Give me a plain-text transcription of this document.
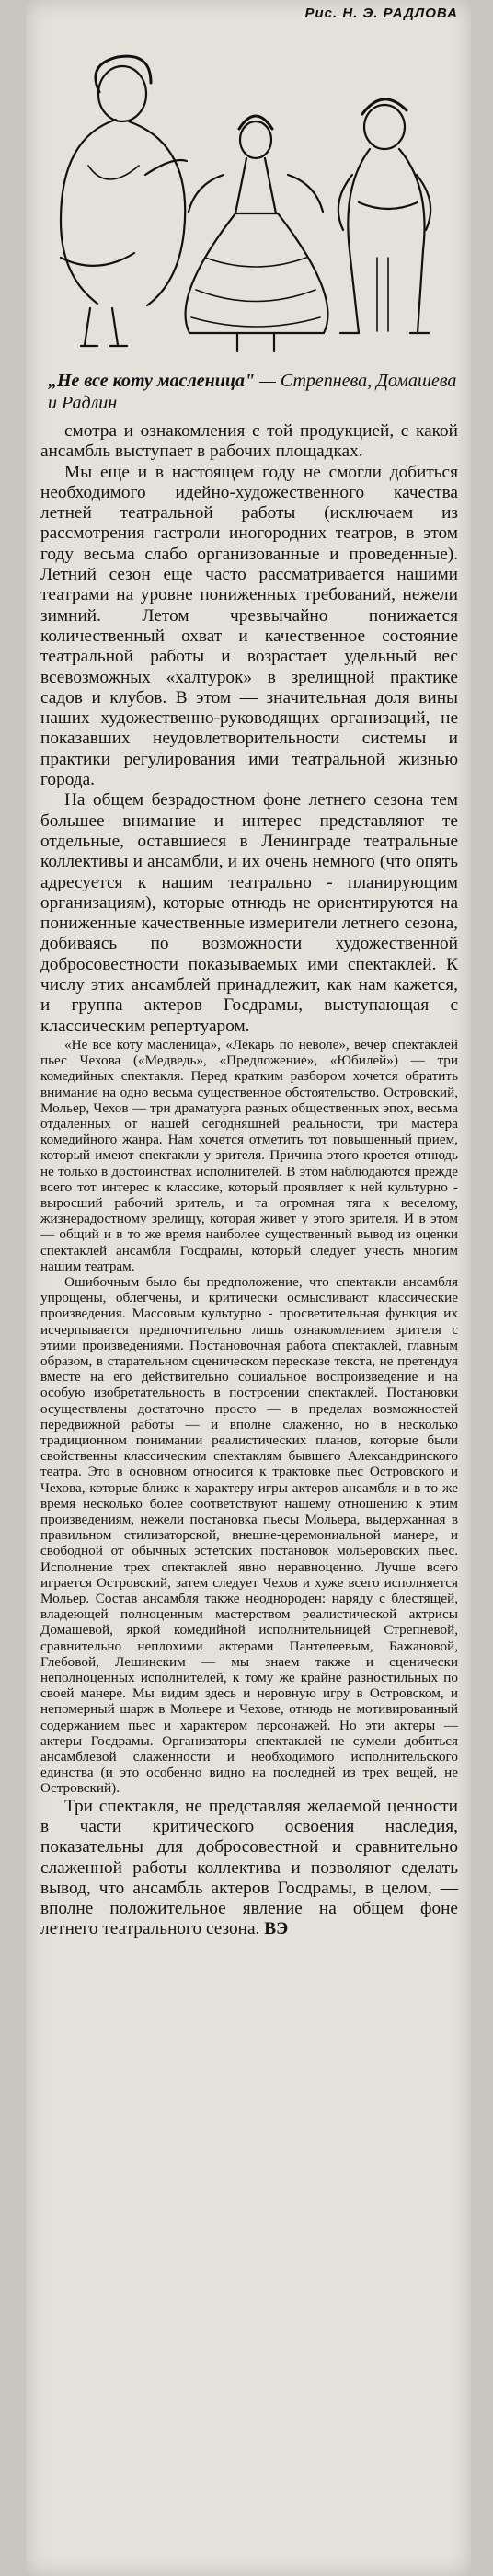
Рис. Н. Э. РАДЛОВА
„Не все коту масленица" — Стрепнева, Домашева и Радлин

смотра и ознакомления с той продукцией, с какой ансамбль выступает в рабочих площадках.

Мы еще и в настоящем году не смогли добиться необходимого идейно-художественного качества летней театральной работы (исключаем из рассмотрения гастроли иногородних театров, в этом году весьма слабо организованные и проведенные). Летний сезон еще часто рассматривается нашими театрами на уровне пониженных требований, нежели зимний. Летом чрезвычайно понижается количественный охват и качественное состояние театральной работы и возрастает удельный вес всевозможных «халтурок» в зрелищной практике садов и клубов. В этом — значительная доля вины наших художественно-руководящих организаций, не показавших неудовлетворительности системы и практики регулирования ими театральной жизнью города.

На общем безрадостном фоне летнего сезона тем большее внимание и интерес представляют те отдельные, оставшиеся в Ленинграде театральные коллективы и ансамбли, и их очень немного (что опять адресуется к нашим театрально - планирующим организациям), которые отнюдь не ориентируются на пониженные качественные измерители летнего сезона, добиваясь по возможности художественной добросовестности показываемых ими спектаклей. К числу этих ансамблей принадлежит, как нам кажется, и группа актеров Госдрамы, выступающая с классическим репертуаром.

«Не все коту масленица», «Лекарь по неволе», вечер спектаклей пьес Чехова («Медведь», «Предложение», «Юбилей») — три комедийных спектакля. Перед кратким разбором хочется обратить внимание на одно весьма существенное обстоятельство. Островский, Мольер, Чехов — три драматурга разных общественных эпох, весьма отдаленных от нашей сегодняшней реальности, три мастера комедийного жанра. Нам хочется отметить тот повышенный прием, который имеют спектакли у зрителя. Причина этого кроется отнюдь не только в достоинствах исполнителей. В этом наблюдаются прежде всего тот интерес к классике, который проявляет к ней культурно - выросший рабочий зритель, и та огромная тяга к веселому, жизнерадостному зрелищу, которая живет у этого зрителя. И в этом — общий и в то же время наиболее существенный вывод из оценки спектаклей ансамбля Госдрамы, который следует учесть многим нашим театрам.

Ошибочным было бы предположение, что спектакли ансамбля упрощены, облегчены, и критически осмысливают классические произведения. Массовым культурно - просветительная функция их исчерпывается предпочтительно лишь ознакомлением зрителя с этими произведениями. Постановочная работа спектаклей, главным образом, в старательном сценическом пересказе текста, не претендуя вместе на его действительно социальное воспроизведение и на особую изобретательность в построении спектаклей. Постановки осуществлены достаточно просто — в пределах возможностей передвижной работы — и вполне слаженно, но в несколько традиционном понимании реалистических планов, которые были свойственны классическим спектаклям бывшего Александринского театра. Это в основном относится к трактовке пьес Островского и Чехова, которые ближе к характеру игры актеров ансамбля и в то же время несколько более соответствуют нашему отношению к этим произведениям, нежели постановка пьесы Мольера, выдержанная в правильном стилизаторской, внешне-церемониальной манере, и свободной от обычных эстетских постановок мольеровских пьес. Исполнение трех спектаклей явно неравноценно. Лучше всего играется Островский, затем следует Чехов и хуже всего исполняется Мольер. Состав ансамбля также неоднороден: наряду с блестящей, владеющей полноценным мастерством реалистической актрисы Домашевой, яркой комедийной исполнительницей Стрепневой, сравнительно неплохими актерами Пантелеевым, Бажановой, Глебовой, Лешинским — мы знаем также и сценически неполноценных исполнителей, к тому же крайне разностильных по своей манере. Мы видим здесь и неровную игру в Островском, и непомерный шарж в Мольере и Чехове, отнюдь не мотивированный содержанием пьес и характером персонажей. Но эти актеры — актеры Госдрамы. Организаторы спектаклей не сумели добиться ансамблевой слаженности и необходимого исполнительского единства (и это особенно видно на последней из трех вещей, не Островский).

Три спектакля, не представляя желаемой ценности в части критического освоения наследия, показательны для добросовестной и сравнительно слаженной работы коллектива и позволяют сделать вывод, что ансамбль актеров Госдрамы, в целом, — вполне положительное явление на общем фоне летнего театрального сезона. ВЭ
